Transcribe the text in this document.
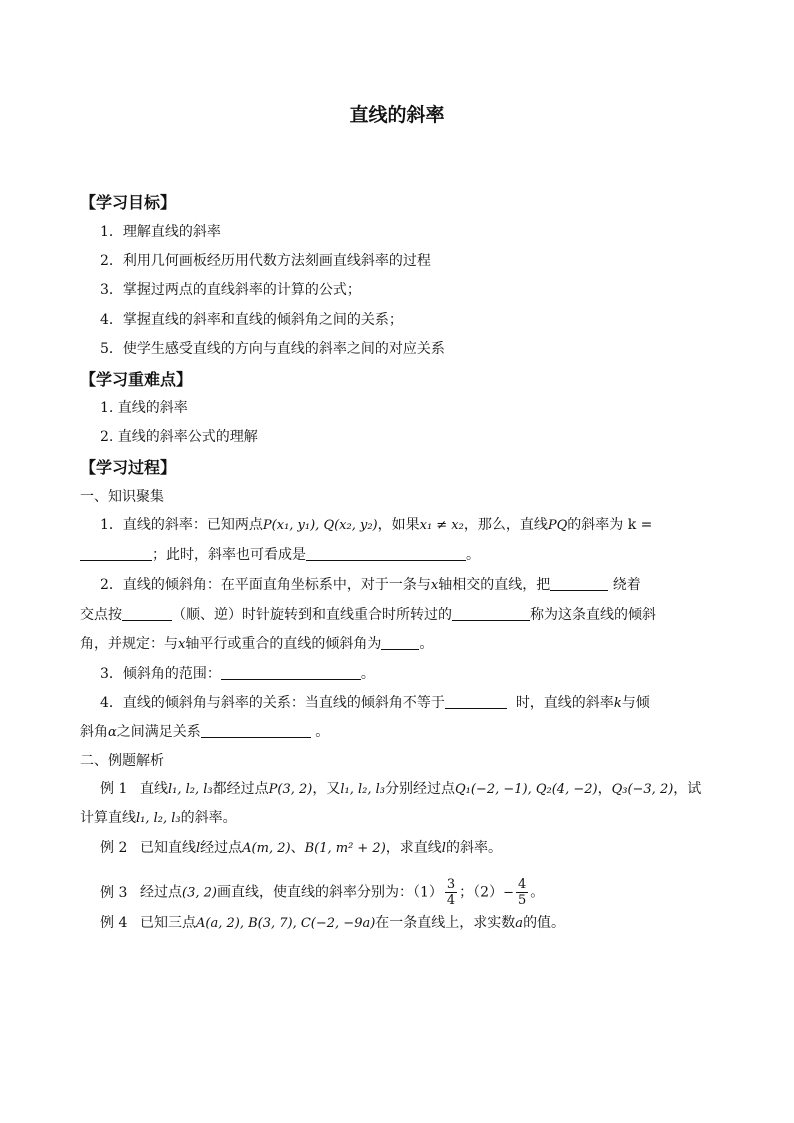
直线的斜率
【学习目标】
1．理解直线的斜率
2．利用几何画板经历用代数方法刻画直线斜率的过程
3．掌握过两点的直线斜率的计算的公式；
4．掌握直线的斜率和直线的倾斜角之间的关系；
5．使学生感受直线的方向与直线的斜率之间的对应关系
【学习重难点】
1. 直线的斜率
2. 直线的斜率公式的理解
【学习过程】
一、知识聚集
1．直线的斜率：已知两点P(x₁, y₁), Q(x₂, y₂)，如果x₁ ≠ x₂，那么，直线PQ的斜率为 k =
；此时，斜率也可看成是	。
2．直线的倾斜角：在平面直角坐标系中，对于一条与x轴相交的直线，把	绕着
交点按	（顺、逆）时针旋转到和直线重合时所转过的	称为这条直线的倾斜
角，并规定：与x轴平行或重合的直线的倾斜角为	。
3．倾斜角的范围：	。
4．直线的倾斜角与斜率的关系：当直线的倾斜角不等于	时，直线的斜率k与倾
斜角α之间满足关系	。
二、例题解析
例 1 直线l₁, l₂, l₃都经过点P(3, 2)，又l₁, l₂, l₃分别经过点Q₁(−2, −1), Q₂(4, −2)，Q₃(−3, 2)，试
计算直线l₁, l₂, l₃的斜率。
例 2 已知直线l经过点A(m, 2)、B(1, m² + 2)，求直线l的斜率。
例 3 经过点(3, 2)画直线，使直线的斜率分别为：$(1) \frac{3}{4}$ ；$(2)- \frac{4}{5}$ 。
例 4 已知三点A(a, 2), B(3, 7), C(−2, −9a)在一条直线上，求实数a的值。
